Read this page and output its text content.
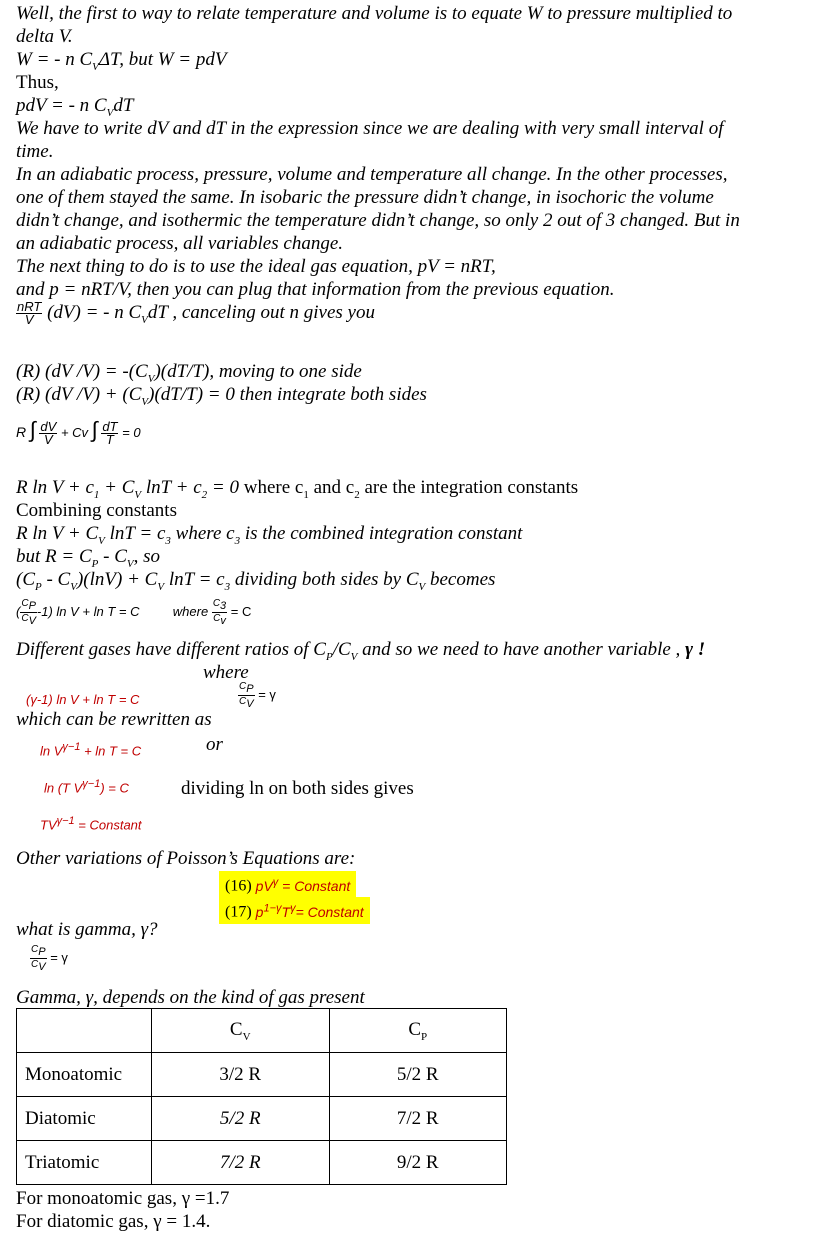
Well, the first to way to relate temperature and volume is to equate W to pressure multiplied to
delta V.
W = - n $C_V\Delta T$, but W = pdV
Thus,
pdV = - n $C_VdT$
We have to write dV and dT in the expression since we are dealing with very small interval of
time.
In an adiabatic process, pressure, volume and temperature all change. In the other processes,
one of them stayed the same. In isobaric the pressure didn’t change, in isochoric the volume
didn’t change, and isothermic the temperature didn’t change, so only 2 out of 3 changed. But in
an adiabatic process, all variables change.
The next thing to do is to use the ideal gas equation, pV = nRT,
and p = nRT/V, then you can plug that information from the previous equation.
$\frac{\text{nRT}}{V} (dV)$ = - n $C_VdT$ , canceling out n gives you
(R) (dV $/V) = -(C_V)(dT/T)$, moving to one side
(R) (dV $/V) + (C_V)(dT/T) = 0$ then integrate both sides
R ∫ $\frac{dV}{V} + Cv$ ∫ $\frac{dT}{T} = 0$
R $\ln V + c_1 + C_V$ $\ln T + c_2 = 0$ where $c_1$ and $c_2$ are the integration constants
Combining constants
R $\ln V + C_V$ $\ln T = c_3$ where $c_3$ is the combined integration constant
but $R = C_P - C_V$, so
$(C_P - C_V)(\ln V) + C_V$ $\ln T = c_3$ dividing both sides by $C_V$ becomes
( $\frac{C_P}{C_V} -1$) ln V + ln T = C	where $\frac{C_3}{C_v} = C$
Different gases have different ratios of $C_P/C_V$ and so we need to have another variable , γ !
where
(γ-1) ln V + ln T = C	$\frac{C_P}{C_V} = \gamma$
which can be rewritten as
$\ln V^{\gamma-1} + \ln T = C$	or
ln (T $V^{\gamma-1}) = C$	dividing ln on both sides gives
$TV^{\gamma-1}$ = Constant
Other variations of Poisson’s Equations are:
(16) $pV^\gamma$ = Constant
(17) $p^{1-\gamma}T^\gamma=$ Constant
what is gamma, γ?
$\frac{C_P}{C_V} = \gamma$
Gamma, γ, depends on the kind of gas present
	$C_V$	$C_P$
Monoatomic	3/2 R	5/2 R
Diatomic	5/2 R	7/2 R
Triatomic	7/2 R	9/2 R
For monoatomic gas, γ =1.7
For diatomic gas, γ = 1.4.
